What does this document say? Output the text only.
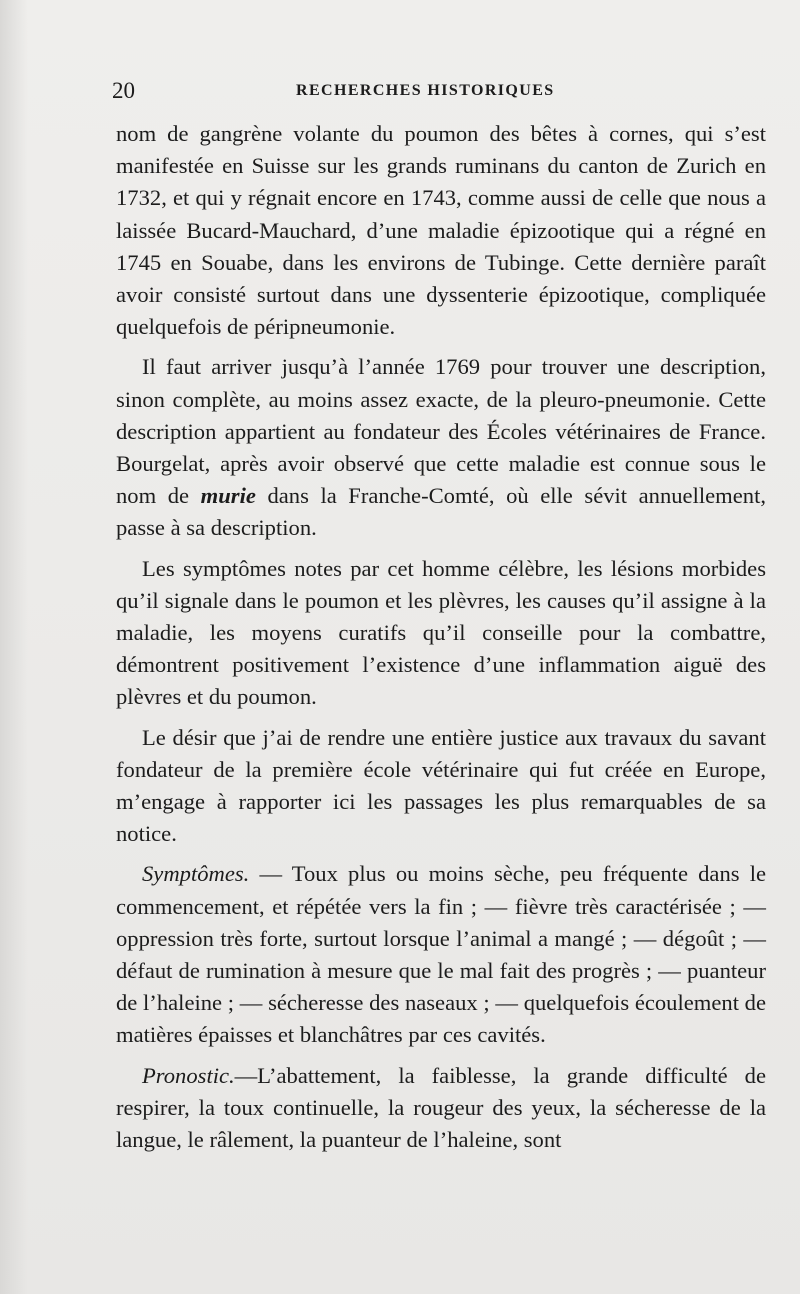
20	RECHERCHES HISTORIQUES

nom de gangrène volante du poumon des bêtes à cornes, qui s’est manifestée en Suisse sur les grands ruminans du canton de Zurich en 1732, et qui y régnait encore en 1743, comme aussi de celle que nous a laissée Bucard-Mauchard, d’une maladie épizootique qui a régné en 1745 en Souabe, dans les environs de Tubinge. Cette dernière paraît avoir consisté surtout dans une dyssenterie épizootique, compliquée quelquefois de péripneumonie.

Il faut arriver jusqu’à l’année 1769 pour trouver une description, sinon complète, au moins assez exacte, de la pleuro-pneumonie. Cette description appartient au fondateur des Écoles vétérinaires de France. Bourgelat, après avoir observé que cette maladie est connue sous le nom de murie dans la Franche-Comté, où elle sévit annuellement, passe à sa description.

Les symptômes notes par cet homme célèbre, les lésions morbides qu’il signale dans le poumon et les plèvres, les causes qu’il assigne à la maladie, les moyens curatifs qu’il conseille pour la combattre, démontrent positivement l’existence d’une inflammation aiguë des plèvres et du poumon.

Le désir que j’ai de rendre une entière justice aux travaux du savant fondateur de la première école vétérinaire qui fut créée en Europe, m’engage à rapporter ici les passages les plus remarquables de sa notice.

Symptômes. — Toux plus ou moins sèche, peu fréquente dans le commencement, et répétée vers la fin ; — fièvre très caractérisée ; — oppression très forte, surtout lorsque l’animal a mangé ; — dégoût ; — défaut de rumination à mesure que le mal fait des progrès ; — puanteur de l’haleine ; — sécheresse des naseaux ; — quelquefois écoulement de matières épaisses et blanchâtres par ces cavités.

Pronostic.—L’abattement, la faiblesse, la grande difficulté de respirer, la toux continuelle, la rougeur des yeux, la sécheresse de la langue, le râlement, la puanteur de l’haleine, sont
